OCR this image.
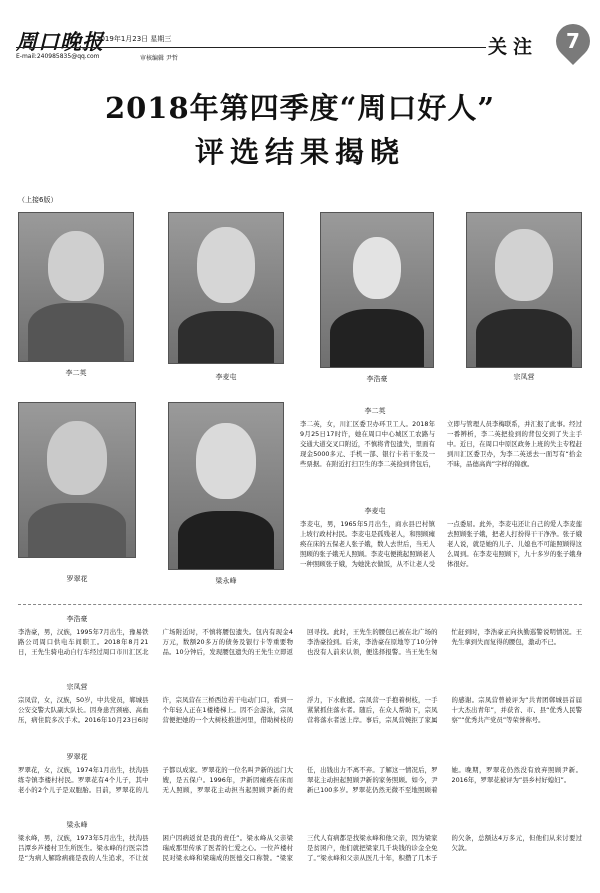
周口晚报
2019年1月23日 星期三
E-mail:240985835@qq.com	审核编辑 尹哲
关注	7
2018年第四季度“周口好人”
评选结果揭晓
（上接6版）
李二英	李麦屯	李浩豪	宗凤营
罗翠花	梁永峰
李二英
李二英，女，川汇区委卫办环卫工人。2018年9月25日17时许，她在周口中心城区工农路与交通大道交叉口附近，不慎将背包遗失，里面有现金5000多元、手机一部、银行卡若干张及一些票据。在附近打扫卫生的李二英捡到背包后，立即与管理人员李梅联系，并汇报了此事。经过一番辨析，李二英把捡到的背包交到了失主手中。近日，在周口中原区政务上班的失主专程赶到川汇区委卫办，为李二英送去一面写有“拾金不昧，品德高尚”字样的锦旗。
李麦屯
李麦屯，男，1965年5月出生，商水县巴村镇上坡行政村村民。李麦屯是孤残老人，和照顾瘫痪在床的五保老人张子娥，数人去世后，当无人照顾的张子娥无人照顾。李麦屯便挑起照顾老人一种照顾张子娥，为她洗衣做饭，从不让老人受一点委屈。此外，李麦屯还让自己的爱人李麦莲去照顾张子娥，把老人打扮得干干净净。张子娥老人说，就是她的儿子、儿媳也不可能照顾得这么周到。在李麦屯照顾下，九十多岁的张子娥身体很好。
李浩豪
李浩豪，男，汉族，1995年7月出生，豫易铁路公司周口供电车间职工。2018年8月21日，王先生骑电动自行车经过周口市川汇区北广场附近时，不慎将腰包遗失。包内有现金4万元，数额20多万的债务及银行卡等重要物品。10分钟后，发现腰包遗失的王先生立即返回寻找。此时，王先生的腰包已被在北广场的李浩豪捡到。后来，李浩豪在原地等了10分钟也没有人前来认领，便选择报警。当王先生匆忙赶到时，李浩豪正向执勤巡警说明情况。王先生拿到失而复得的腰包，激动不已。
宗凤营
宗凤营，女，汉族，50岁，中共党员，郸城县公安交警大队副大队长。因身患宫颈癌、高血压，病住院多次手术。2016年10月23日6时许，宗凤营在三桥西边若干电动门口，看到一个年轻人正在1楼楼梯上。因不会游泳，宗凤营便把她的一个大树枝推进河里，借助树枝的浮力，下水救援。宗凤营一手抱着树枝，一手紧紧抓住落水者。随后，在众人帮助下，宗凤营将落水者送上岸。事后，宗凤营婉拒了家属的感谢。宗凤营曾被评为“共青团郸城县首届十大杰出青年”，并获省、市、县“优秀人民警察”“优秀共产党员”等荣誉称号。
罗翠花
罗翠花，女，汉族，1974年1月出生，扶沟县练寺镇李楼村村民。罗翠花有4个儿子，其中老小的2个儿子是双胞胎。目前，罗翠花的儿子都以成家。罗翠花的一位名叫尹新的远门大嫂，是五保户。1996年，尹新因瘫痪在床而无人照顾，罗翠花主动担当起照顾尹新的责任，出钱出力不离不弃。了解这一情况后，罗翠花主动担起照顾尹新的家务照顾。如今，尹新已100多岁。罗翠花仍然无微不至地照顾着她。晚期，罗翠花仍然没有放弃照顾尹新。2016年，罗翠花被评为“县乡村好媳妇”。
梁永峰
梁永峰，男，汉族，1973年5月出生，扶沟县吕潭乡芦楼村卫生所医生。梁永峰的行医宗旨是“为病人解除病痛是我的人生追求，不让贫困户因病返贫是我的责任”。梁永峰从父亲梁瑞成那里传承了医者的仁爱之心。一位芦楼村民对梁永峰和梁瑞成的医德交口称赞。“梁家三代人有病都是找梁永峰和他父亲，因为梁家是贫困户，他们就把梁家几千块钱的诊金全免了。”梁永峰和父亲从医几十年，积攒了几本子的欠条，总额达4万多元，但他们从来讨要过欠款。
